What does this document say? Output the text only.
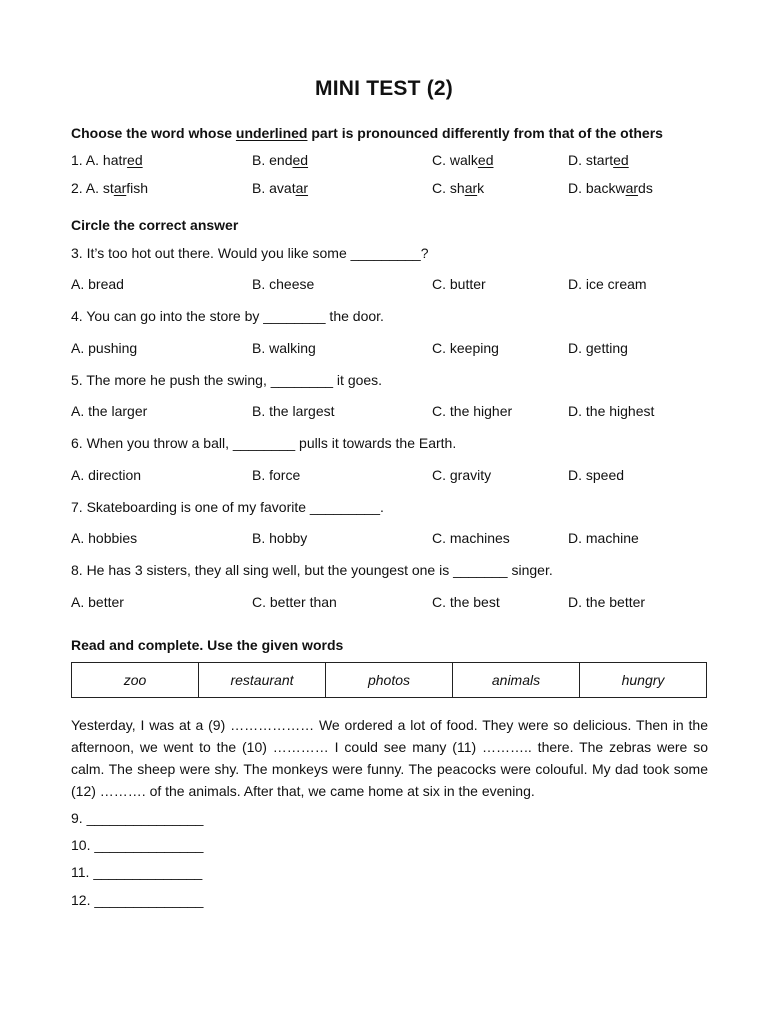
MINI TEST (2)
Choose the word whose underlined part is pronounced differently from that of the others
1. A. hatred	B. ended	C. walked	D. started
2. A. starfish	B. avatar	C. shark	D. backwards
Circle the correct answer
3. It’s too hot out there. Would you like some _________?
A. bread	B. cheese	C. butter	D. ice cream
4. You can go into the store by ________ the door.
A. pushing	B. walking	C. keeping	D. getting
5. The more he push the swing, ________ it goes.
A. the larger	B. the largest	C. the higher	D. the highest
6. When you throw a ball, ________ pulls it towards the Earth.
A. direction	B. force	C. gravity	D. speed
7. Skateboarding is one of my favorite _________.
A. hobbies	B. hobby	C. machines	D. machine
8. He has 3 sisters, they all sing well, but the youngest one is _______ singer.
A. better	C. better than	C. the best	D. the better
Read and complete. Use the given words
zoo	restaurant	photos	animals	hungry
Yesterday, I was at a (9) ……………… We ordered a lot of food. They were so delicious. Then in the afternoon, we went to the (10) ………… I could see many (11) ……….. there. The zebras were so calm. The sheep were shy. The monkeys were funny. The peacocks were colouful. My dad took some (12) ………. of the animals. After that, we came home at six in the evening.
9. _______________
10. ______________
11. ______________
12. ______________
